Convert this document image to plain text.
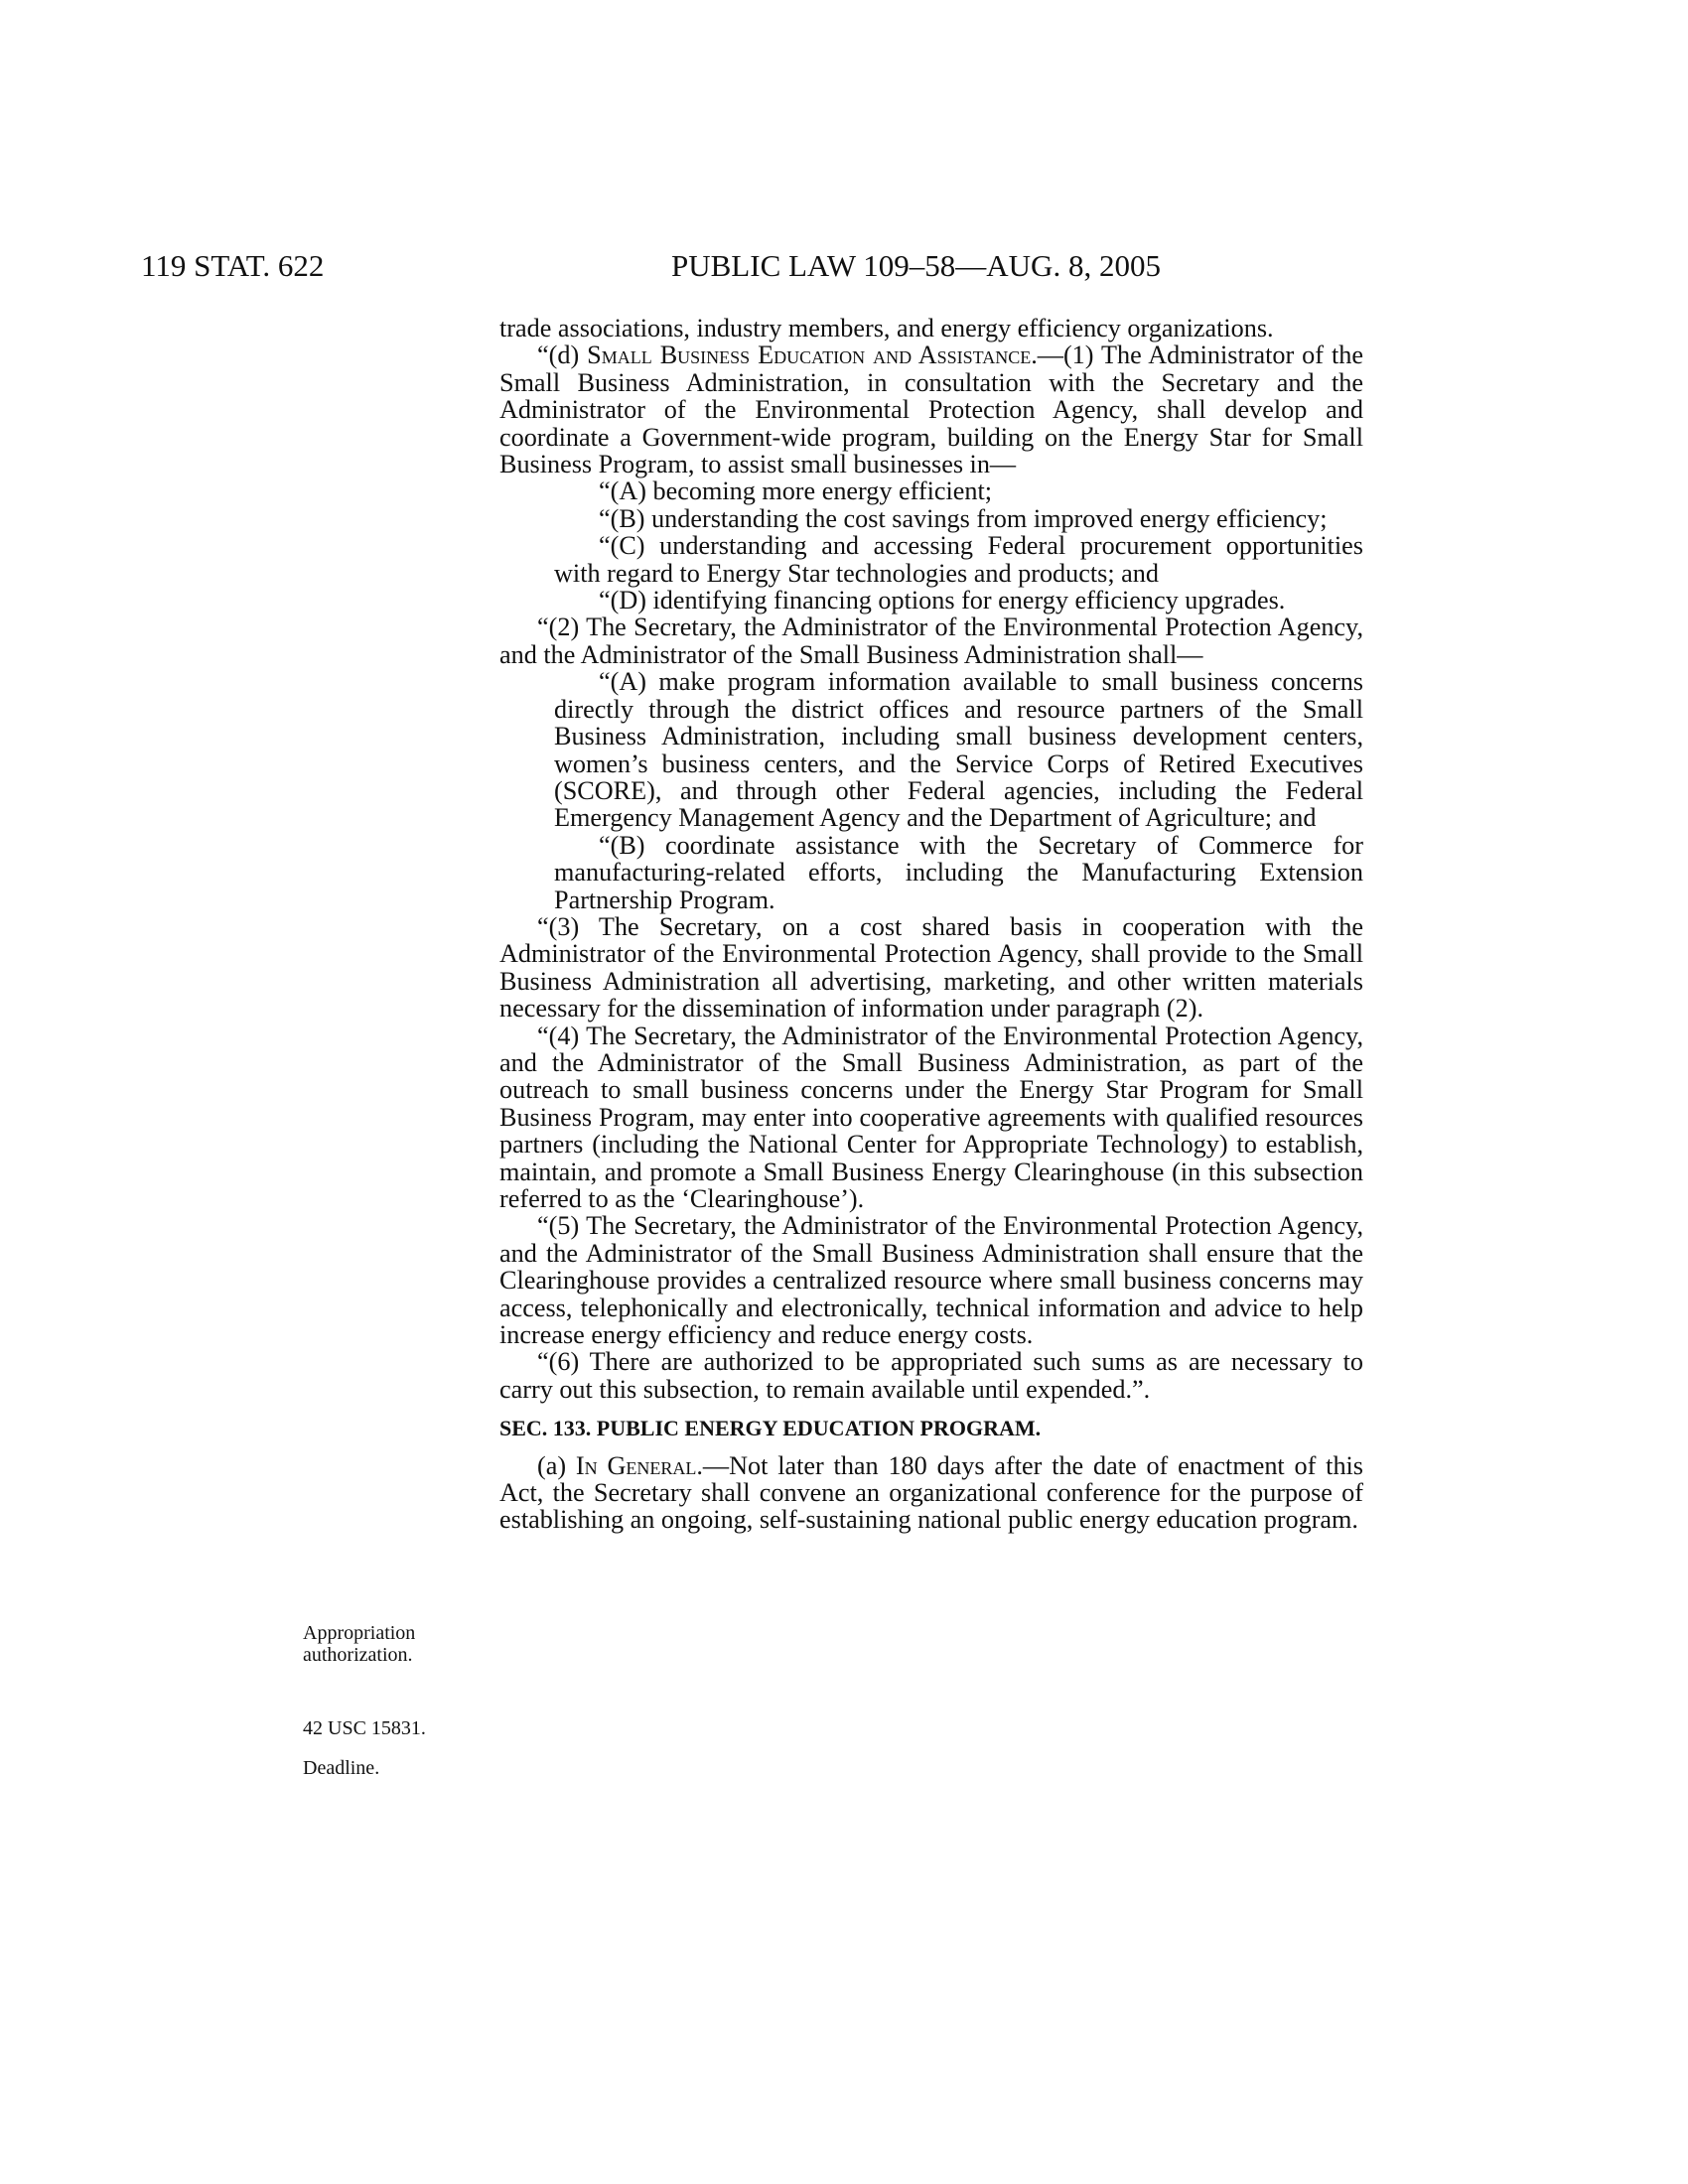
119 STAT. 622	PUBLIC LAW 109–58—AUG. 8, 2005
Appropriation authorization.
42 USC 15831.
Deadline.

trade associations, industry members, and energy efficiency organizations.

“(d) Small Business Education and Assistance.—(1) The Administrator of the Small Business Administration, in consultation with the Secretary and the Administrator of the Environmental Protection Agency, shall develop and coordinate a Government-wide program, building on the Energy Star for Small Business Program, to assist small businesses in—

“(A) becoming more energy efficient;

“(B) understanding the cost savings from improved energy efficiency;

“(C) understanding and accessing Federal procurement opportunities with regard to Energy Star technologies and products; and

“(D) identifying financing options for energy efficiency upgrades.

“(2) The Secretary, the Administrator of the Environmental Protection Agency, and the Administrator of the Small Business Administration shall—

“(A) make program information available to small business concerns directly through the district offices and resource partners of the Small Business Administration, including small business development centers, women’s business centers, and the Service Corps of Retired Executives (SCORE), and through other Federal agencies, including the Federal Emergency Management Agency and the Department of Agriculture; and

“(B) coordinate assistance with the Secretary of Commerce for manufacturing-related efforts, including the Manufacturing Extension Partnership Program.

“(3) The Secretary, on a cost shared basis in cooperation with the Administrator of the Environmental Protection Agency, shall provide to the Small Business Administration all advertising, marketing, and other written materials necessary for the dissemination of information under paragraph (2).

“(4) The Secretary, the Administrator of the Environmental Protection Agency, and the Administrator of the Small Business Administration, as part of the outreach to small business concerns under the Energy Star Program for Small Business Program, may enter into cooperative agreements with qualified resources partners (including the National Center for Appropriate Technology) to establish, maintain, and promote a Small Business Energy Clearinghouse (in this subsection referred to as the ‘Clearinghouse’).

“(5) The Secretary, the Administrator of the Environmental Protection Agency, and the Administrator of the Small Business Administration shall ensure that the Clearinghouse provides a centralized resource where small business concerns may access, telephonically and electronically, technical information and advice to help increase energy efficiency and reduce energy costs.

“(6) There are authorized to be appropriated such sums as are necessary to carry out this subsection, to remain available until expended.”.

SEC. 133. PUBLIC ENERGY EDUCATION PROGRAM.

(a) In General.—Not later than 180 days after the date of enactment of this Act, the Secretary shall convene an organizational conference for the purpose of establishing an ongoing, self-sustaining national public energy education program.
